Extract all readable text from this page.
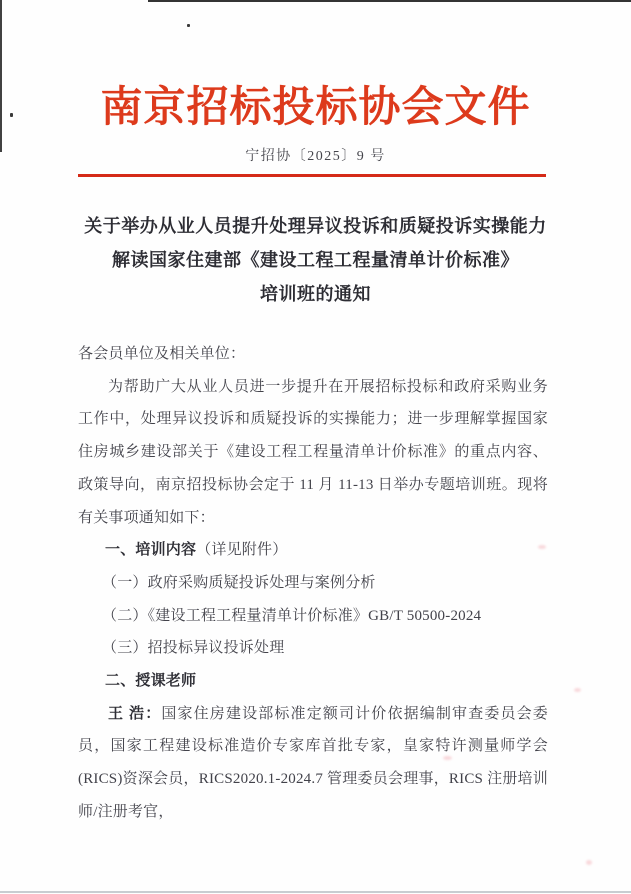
南京招标投标协会文件
宁招协〔2025〕9 号
关于举办从业人员提升处理异议投诉和质疑投诉实操能力
解读国家住建部《建设工程工程量清单计价标准》
培训班的通知

各会员单位及相关单位：

为帮助广大从业人员进一步提升在开展招标投标和政府采购业务工作中，处理异议投诉和质疑投诉的实操能力；进一步理解掌握国家住房城乡建设部关于《建设工程工程量清单计价标准》的重点内容、政策导向，南京招投标协会定于 11 月 11-13 日举办专题培训班。现将有关事项通知如下：

一、培训内容（详见附件）

（一）政府采购质疑投诉处理与案例分析

（二）《建设工程工程量清单计价标准》GB/T 50500-2024

（三）招投标异议投诉处理

二、授课老师

王 浩：国家住房建设部标准定额司计价依据编制审查委员会委员，国家工程建设标准造价专家库首批专家，皇家特许测量师学会(RICS)资深会员，RICS2020.1-2024.7 管理委员会理事，RICS 注册培训师/注册考官，
